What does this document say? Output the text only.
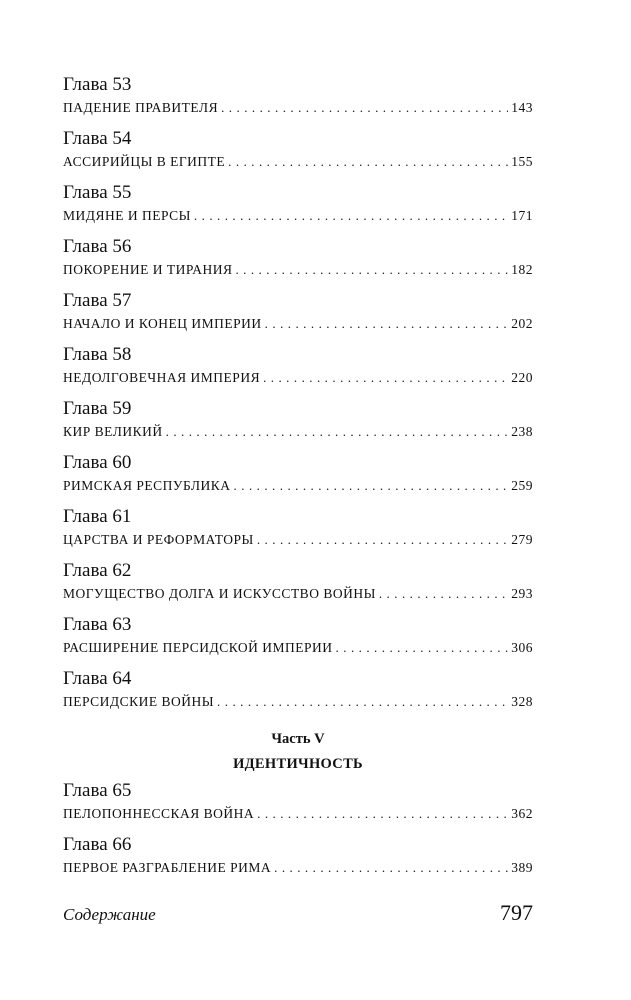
Глава 53
ПАДЕНИЕ ПРАВИТЕЛЯ . . .	143
Глава 54
АССИРИЙЦЫ В ЕГИПТЕ . . .	155
Глава 55
МИДЯНЕ И ПЕРСЫ . . .	171
Глава 56
ПОКОРЕНИЕ И ТИРАНИЯ . . .	182
Глава 57
НАЧАЛО И КОНЕЦ ИМПЕРИИ . . .	202
Глава 58
НЕДОЛГОВЕЧНАЯ ИМПЕРИЯ . . .	220
Глава 59
КИР ВЕЛИКИЙ . . .	238
Глава 60
РИМСКАЯ РЕСПУБЛИКА . . .	259
Глава 61
ЦАРСТВА И РЕФОРМАТОРЫ . . .	279
Глава 62
МОГУЩЕСТВО ДОЛГА И ИСКУССТВО ВОЙНЫ . . .	293
Глава 63
РАСШИРЕНИЕ ПЕРСИДСКОЙ ИМПЕРИИ . . .	306
Глава 64
ПЕРСИДСКИЕ ВОЙНЫ . . .	328
Часть V
ИДЕНТИЧНОСТЬ
Глава 65
ПЕЛОПОННЕССКАЯ ВОЙНА . . .	362
Глава 66
ПЕРВОЕ РАЗГРАБЛЕНИЕ РИМА . . .	389
Содержание	797
